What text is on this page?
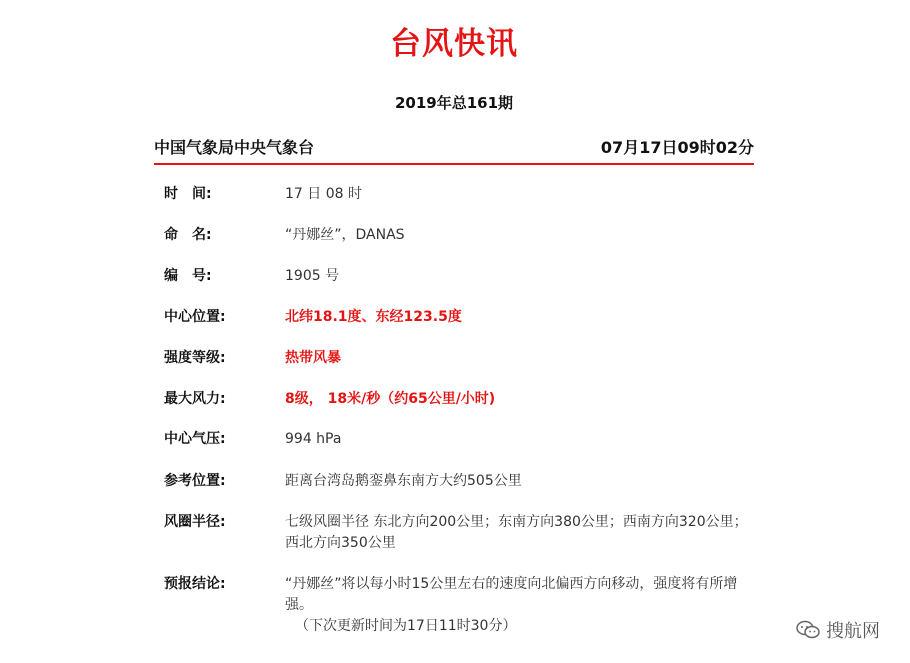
台风快讯
2019年总161期
中国气象局中央气象台	07月17日09时02分
时　间:	17 日 08 时
命　名:	“丹娜丝”，DANAS
编　号:	1905 号
中心位置:	北纬18.1度、东经123.5度
强度等级:	热带风暴
最大风力:	8级， 18米/秒（约65公里/小时)
中心气压:	994 hPa
参考位置:	距离台湾岛鹅銮鼻东南方大约505公里
风圈半径:	七级风圈半径 东北方向200公里；东南方向380公里；西南方向320公里；西北方向350公里
预报结论:	“丹娜丝”将以每小时15公里左右的速度向北偏西方向移动，强度将有所增强。
（下次更新时间为17日11时30分）	搜航网
